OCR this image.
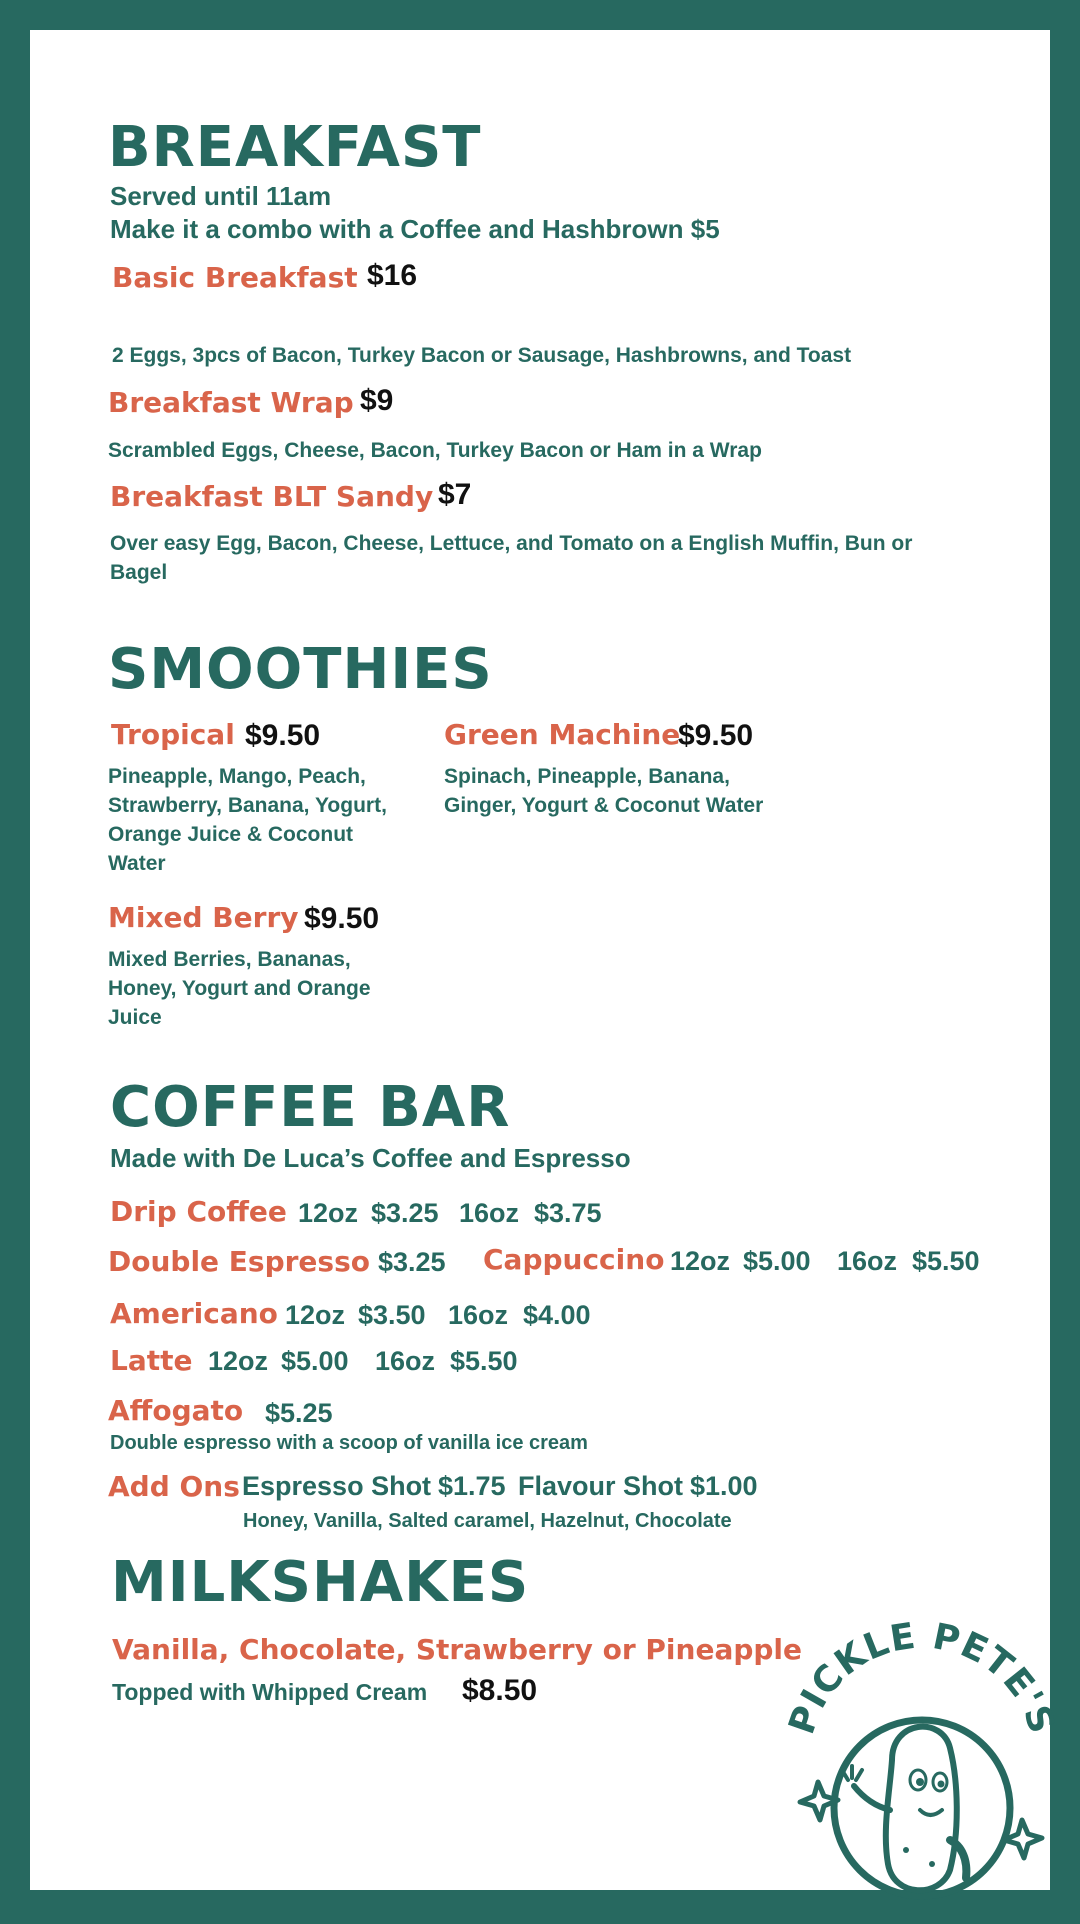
BREAKFAST
Served until 11am
Make it a combo with a Coffee and Hashbrown $5
Basic Breakfast $16
2 Eggs, 3pcs of Bacon, Turkey Bacon or Sausage, Hashbrowns, and Toast
Breakfast Wrap $9
Scrambled Eggs, Cheese, Bacon, Turkey Bacon or Ham in a Wrap
Breakfast BLT Sandy $7
Over easy Egg, Bacon, Cheese, Lettuce, and Tomato on a English Muffin, Bun or Bagel
SMOOTHIES
Tropical $9.50
Pineapple, Mango, Peach, Strawberry, Banana, Yogurt, Orange Juice & Coconut Water
Green Machine
$9.50
Spinach, Pineapple, Banana, Ginger, Yogurt & Coconut Water
Mixed Berry $9.50
Mixed Berries, Bananas, Honey, Yogurt and Orange Juice
COFFEE BAR
Made with De Luca’s Coffee and Espresso
Drip Coffee 12oz $3.25 16oz $3.75
Double Espresso $3.25 Cappuccino 12oz $5.00 16oz $5.50
Americano 12oz $3.50 16oz $4.00
Latte 12oz $5.00 16oz $5.50
Affogato $5.25
Double espresso with a scoop of vanilla ice cream
Add Ons Espresso Shot $1.75 Flavour Shot $1.00
Honey, Vanilla, Salted caramel, Hazelnut, Chocolate
MILKSHAKES
Vanilla, Chocolate, Strawberry or Pineapple
Topped with Whipped Cream $8.50
PICKLE PETE'S
